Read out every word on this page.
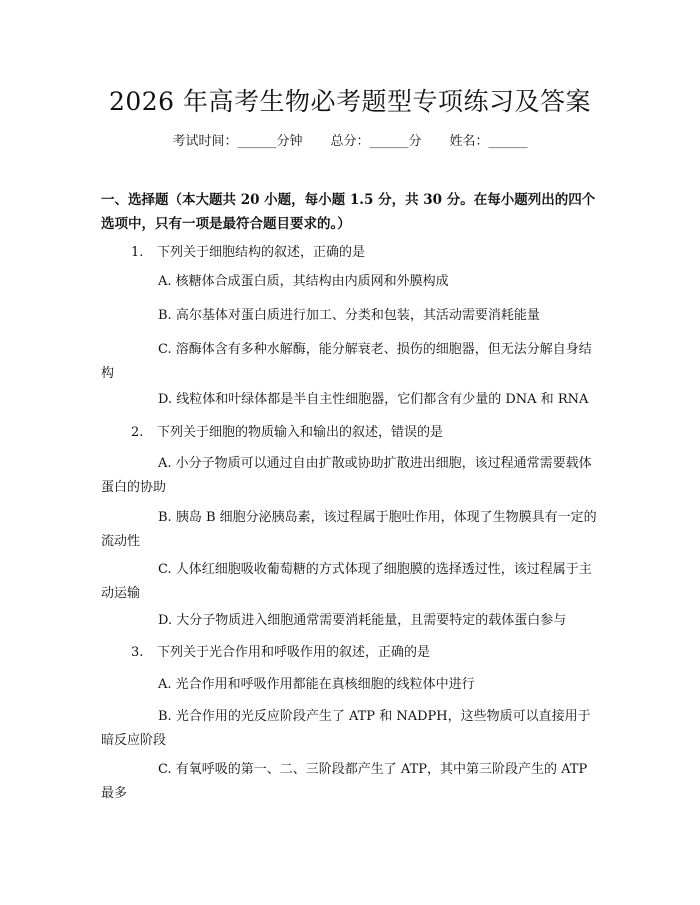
2026 年高考生物必考题型专项练习及答案
考试时间：______分钟 总分：______分 姓名：______
一、选择题（本大题共 20 小题，每小题 1.5 分，共 30 分。在每小题列出的四个选项中，只有一项是最符合题目要求的。）

1. 下列关于细胞结构的叙述，正确的是

A. 核糖体合成蛋白质，其结构由内质网和外膜构成

B. 高尔基体对蛋白质进行加工、分类和包装，其活动需要消耗能量

C. 溶酶体含有多种水解酶，能分解衰老、损伤的细胞器，但无法分解自身结构

D. 线粒体和叶绿体都是半自主性细胞器，它们都含有少量的 DNA 和 RNA

2. 下列关于细胞的物质输入和输出的叙述，错误的是

A. 小分子物质可以通过自由扩散或协助扩散进出细胞，该过程通常需要载体蛋白的协助

B. 胰岛 B 细胞分泌胰岛素，该过程属于胞吐作用，体现了生物膜具有一定的流动性

C. 人体红细胞吸收葡萄糖的方式体现了细胞膜的选择透过性，该过程属于主动运输

D. 大分子物质进入细胞通常需要消耗能量，且需要特定的载体蛋白参与

3. 下列关于光合作用和呼吸作用的叙述，正确的是

A. 光合作用和呼吸作用都能在真核细胞的线粒体中进行

B. 光合作用的光反应阶段产生了 ATP 和 NADPH，这些物质可以直接用于暗反应阶段

C. 有氧呼吸的第一、二、三阶段都产生了 ATP，其中第三阶段产生的 ATP 最多
